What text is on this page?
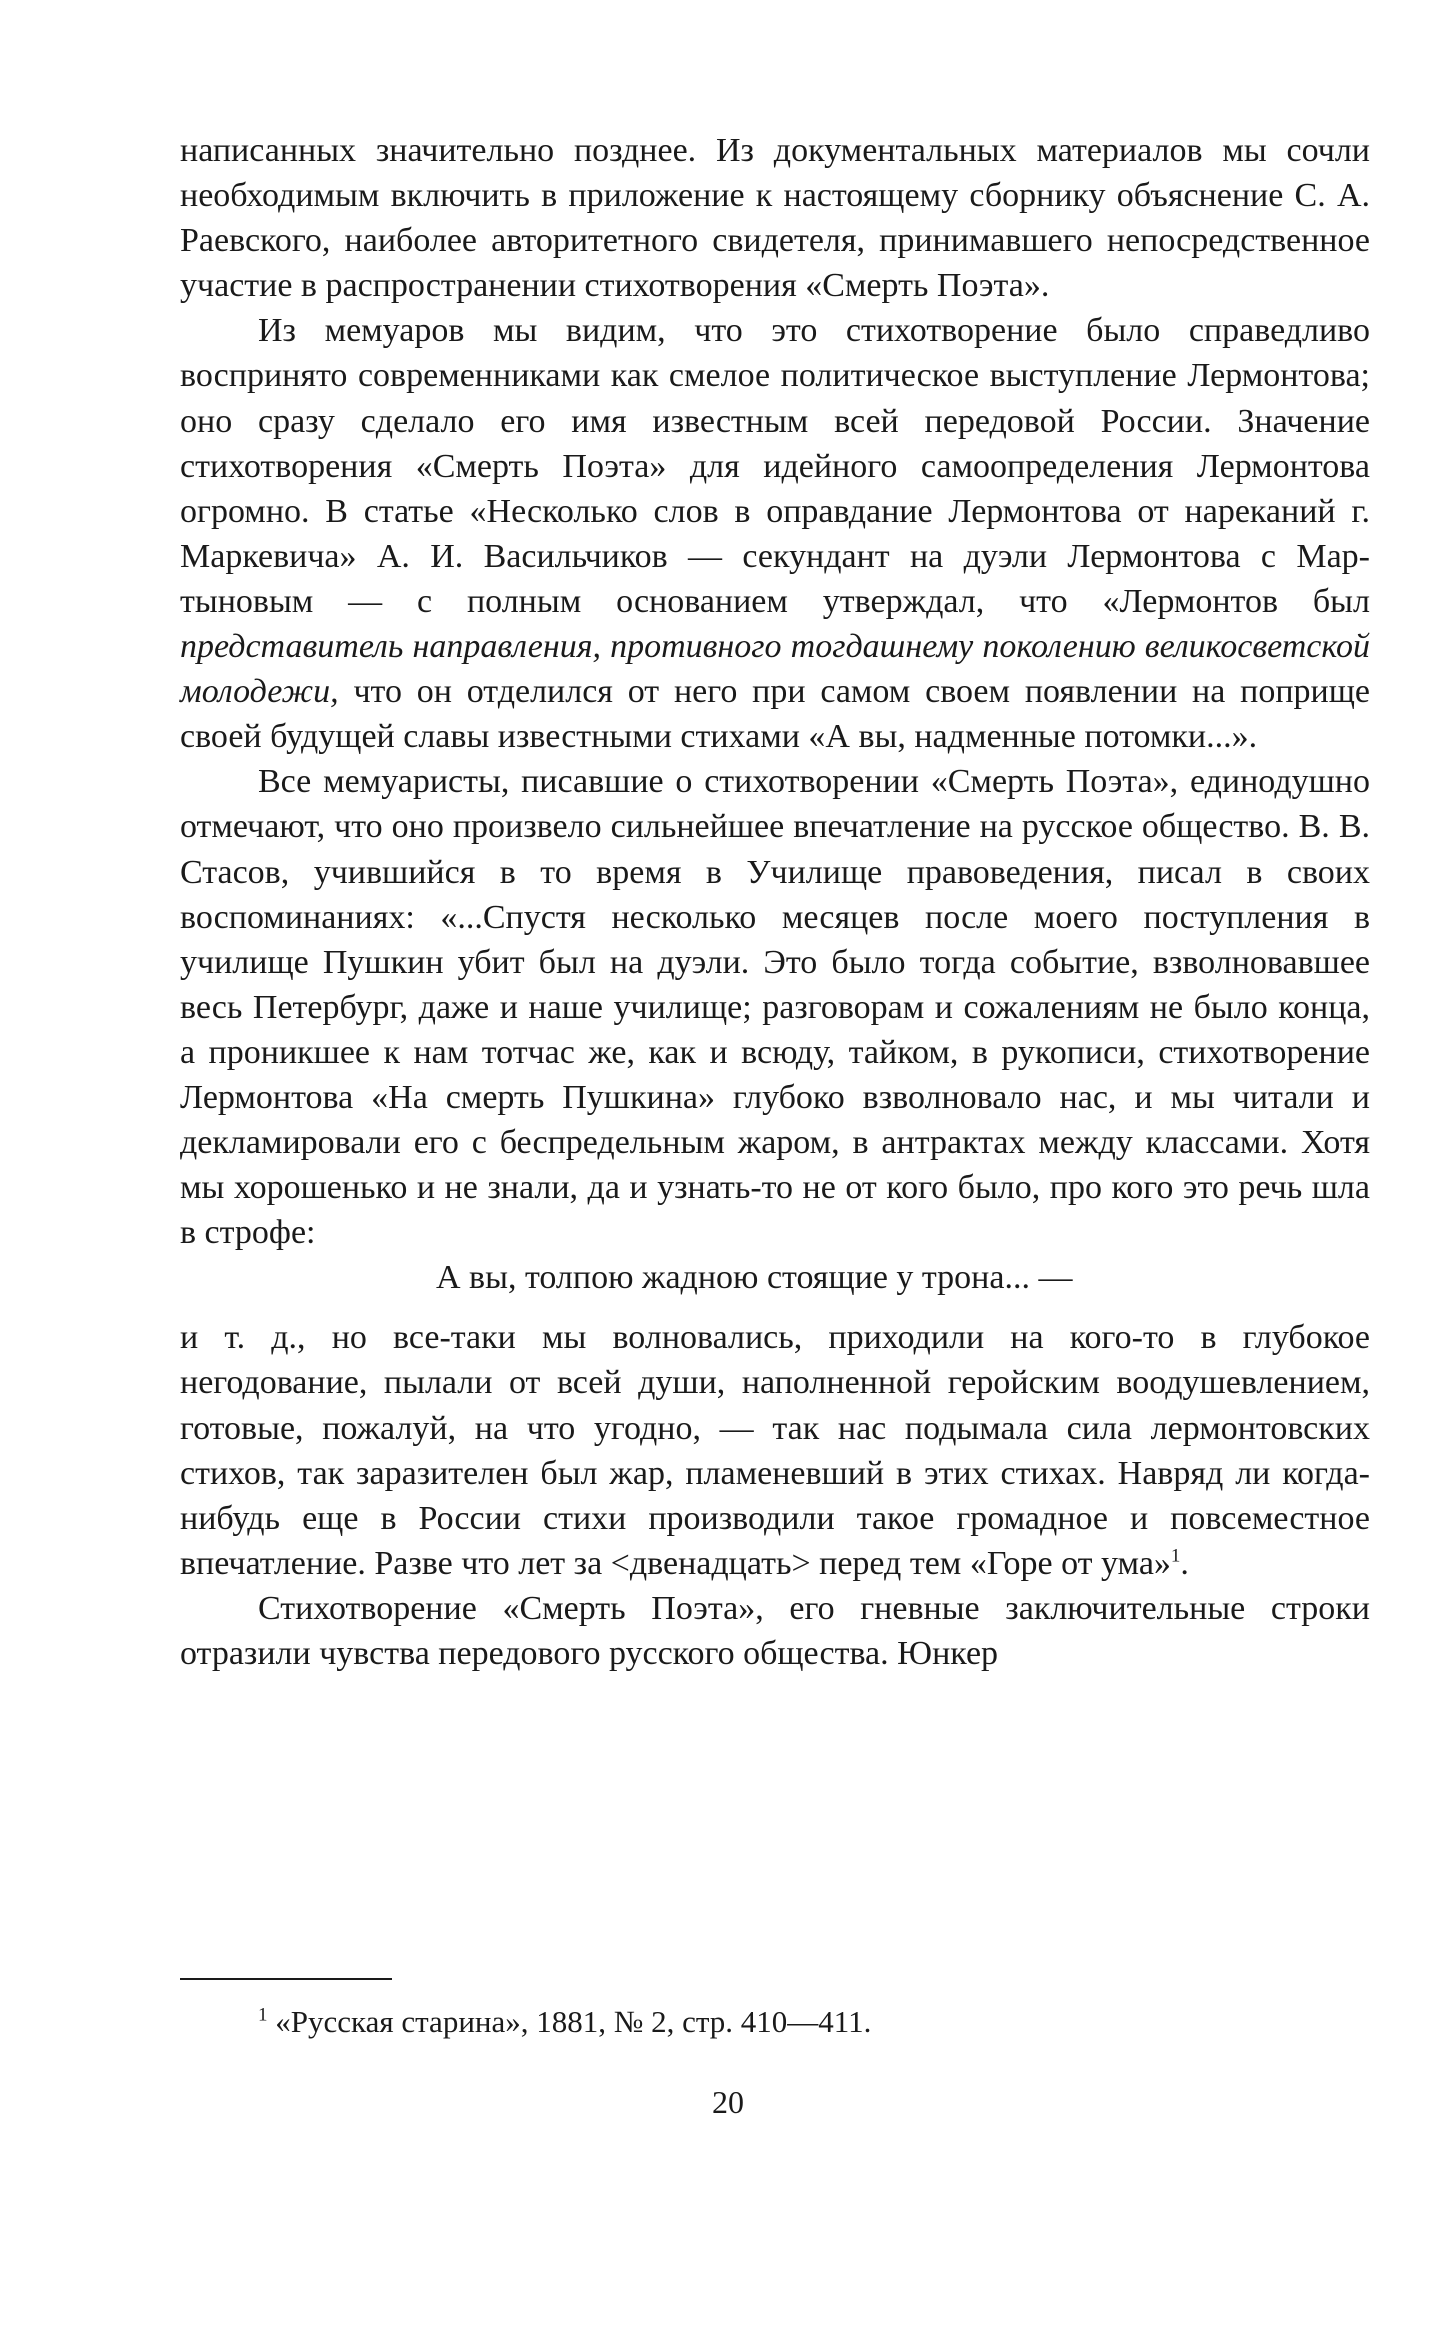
написанных значительно позднее. Из документальных материалов мы сочли необходимым включить в приложение к настоящему сборнику объяснение С. А. Раевского, наиболее авторитетного свидетеля, принимавшего непосредственное участие в распространении стихотворения «Смерть Поэта».

Из мемуаров мы видим, что это стихотворение было справедливо воспринято современниками как смелое политическое выступление Лермонтова; оно сразу сделало его имя известным всей передовой России. Значение стихотворения «Смерть Поэта» для идейного самоопределения Лермонтова огромно. В статье «Несколько слов в оправдание Лермонтова от нареканий г. Маркевича» А. И. Васильчиков — секундант на дуэли Лермонтова с Мартыновым — с полным основанием утверждал, что «Лермонтов был представитель направления, противного тогдашнему поколению великосветской молодежи, что он отделился от него при самом своем появлении на поприще своей будущей славы известными стихами «А вы, надменные потомки...».

Все мемуаристы, писавшие о стихотворении «Смерть Поэта», единодушно отмечают, что оно произвело сильнейшее впечатление на русское общество. В. В. Стасов, учившийся в то время в Училище правоведения, писал в своих воспоминаниях: «...Спустя несколько месяцев после моего поступления в училище Пушкин убит был на дуэли. Это было тогда событие, взволновавшее весь Петербург, даже и наше училище; разговорам и сожалениям не было конца, а проникшее к нам тотчас же, как и всюду, тайком, в рукописи, стихотворение Лермонтова «На смерть Пушкина» глубоко взволновало нас, и мы читали и декламировали его с беспредельным жаром, в антрактах между классами. Хотя мы хорошенько и не знали, да и узнать-то не от кого было, про кого это речь шла в строфе:

А вы, толпою жадною стоящие у трона... —

и т. д., но все-таки мы волновались, приходили на кого-то в глубокое негодование, пылали от всей души, наполненной геройским воодушевлением, готовые, пожалуй, на что угодно, — так нас подымала сила лермонтовских стихов, так заразителен был жар, пламеневший в этих стихах. Навряд ли когда-нибудь еще в России стихи производили такое громадное и повсеместное впечатление. Разве что лет за <двенадцать> перед тем «Горе от ума»$^1$.

Стихотворение «Смерть Поэта», его гневные заключительные строки отразили чувства передового русского общества. Юнкер

$^1$ «Русская старина», 1881, № 2, стр. 410—411.
20
